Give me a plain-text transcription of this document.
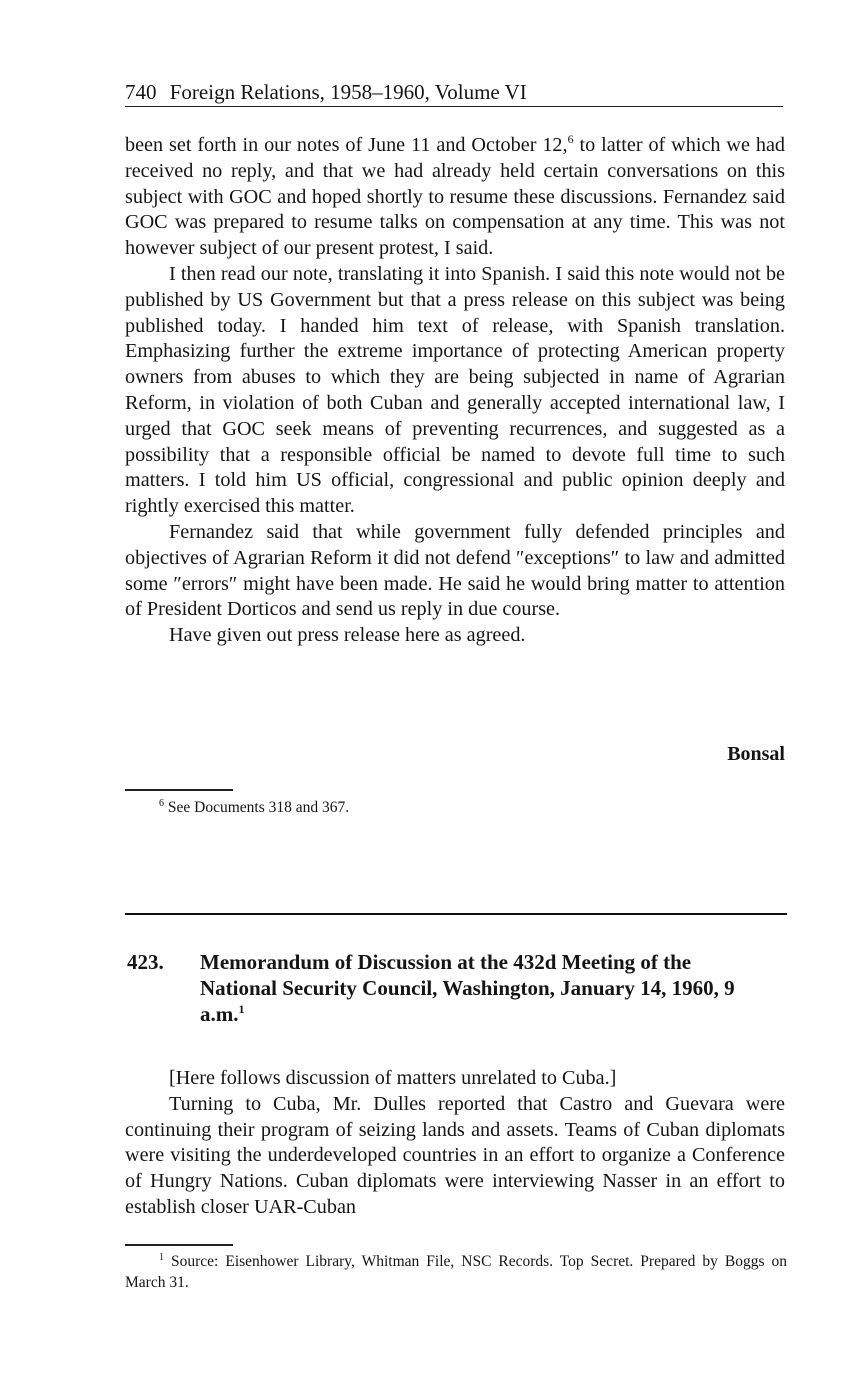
740 Foreign Relations, 1958–1960, Volume VI

been set forth in our notes of June 11 and October 12,$^6$ to latter of which we had received no reply, and that we had already held certain conversations on this subject with GOC and hoped shortly to resume these discussions. Fernandez said GOC was prepared to resume talks on compensation at any time. This was not however subject of our present protest, I said.

I then read our note, translating it into Spanish. I said this note would not be published by US Government but that a press release on this subject was being published today. I handed him text of release, with Spanish translation. Emphasizing further the extreme importance of protecting American property owners from abuses to which they are being subjected in name of Agrarian Reform, in violation of both Cuban and generally accepted international law, I urged that GOC seek means of preventing recurrences, and suggested as a possibility that a responsible official be named to devote full time to such matters. I told him US official, congressional and public opinion deeply and rightly exercised this matter.

Fernandez said that while government fully defended principles and objectives of Agrarian Reform it did not defend ″exceptions″ to law and admitted some ″errors″ might have been made. He said he would bring matter to attention of President Dorticos and send us reply in due course.

Have given out press release here as agreed.

Bonsal
$^6$ See Documents 318 and 367.
423. Memorandum of Discussion at the 432d Meeting of the National Security Council, Washington, January 14, 1960, 9 a.m.$^1$

[Here follows discussion of matters unrelated to Cuba.]

Turning to Cuba, Mr. Dulles reported that Castro and Guevara were continuing their program of seizing lands and assets. Teams of Cuban diplomats were visiting the underdeveloped countries in an effort to organize a Conference of Hungry Nations. Cuban diplomats were interviewing Nasser in an effort to establish closer UAR-Cuban

$^1$ Source: Eisenhower Library, Whitman File, NSC Records. Top Secret. Prepared by Boggs on March 31.
